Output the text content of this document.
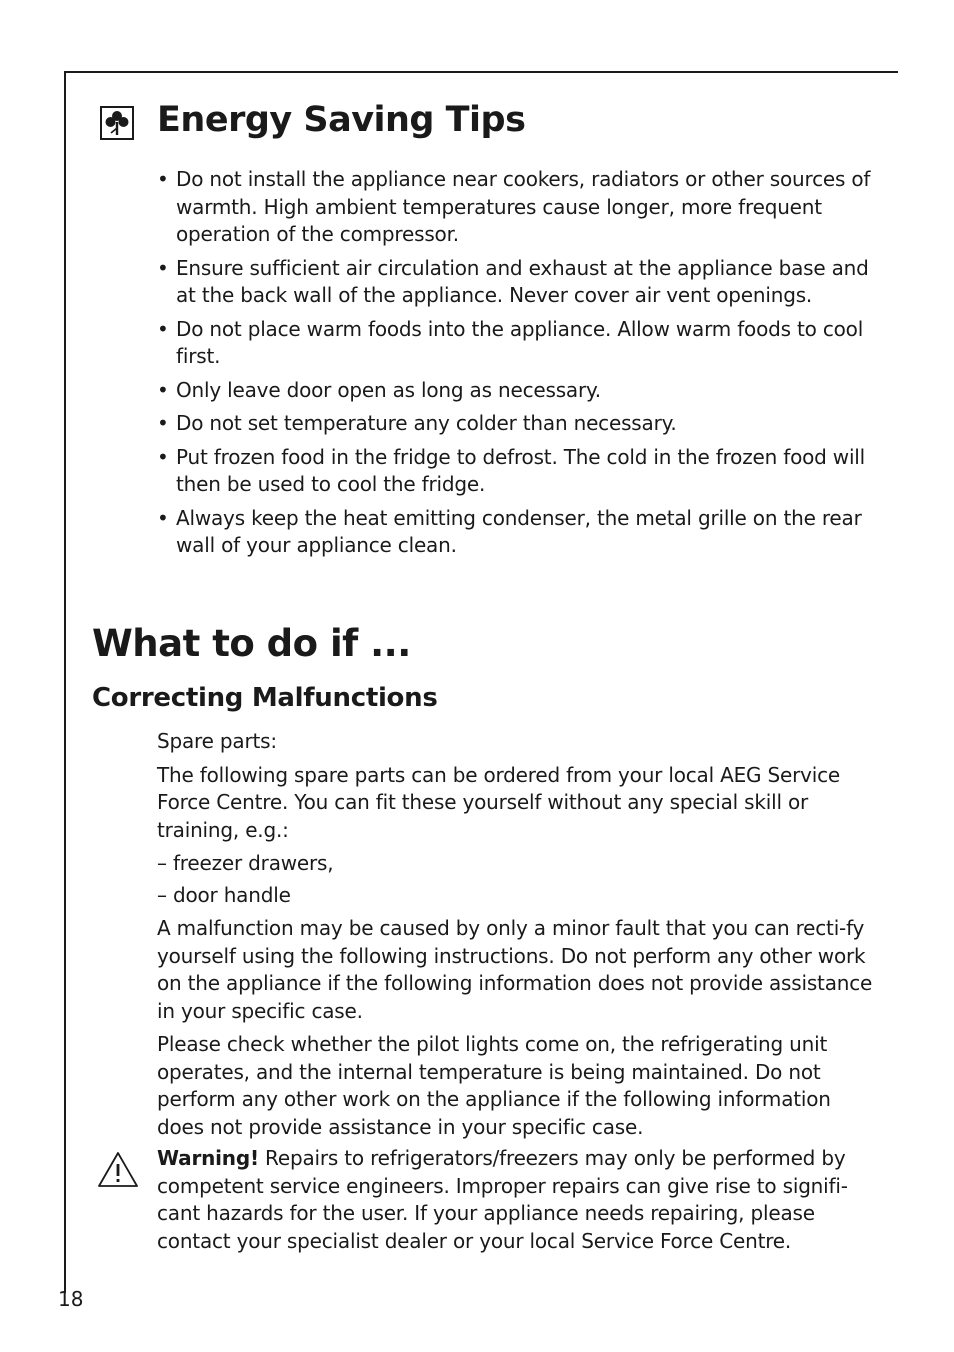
Energy Saving Tips
• Do not install the appliance near cookers, radiators or other sources of warmth. High ambient temperatures cause longer, more frequent operation of the compressor.
• Ensure sufficient air circulation and exhaust at the appliance base and at the back wall of the appliance. Never cover air vent openings.
• Do not place warm foods into the appliance. Allow warm foods to cool first.
• Only leave door open as long as necessary.
• Do not set temperature any colder than necessary.
• Put frozen food in the fridge to defrost. The cold in the frozen food will then be used to cool the fridge.
• Always keep the heat emitting condenser, the metal grille on the rear wall of your appliance clean.
What to do if ...
Correcting Malfunctions

Spare parts:

The following spare parts can be ordered from your local AEG Service Force Centre. You can fit these yourself without any special skill or training, e.g.:

– freezer drawers,

– door handle

A malfunction may be caused by only a minor fault that you can recti-fy yourself using the following instructions. Do not perform any other work on the appliance if the following information does not provide assistance in your specific case.

Please check whether the pilot lights come on, the refrigerating unit operates, and the internal temperature is being maintained. Do not perform any other work on the appliance if the following information does not provide assistance in your specific case.

Warning! Repairs to refrigerators/freezers may only be performed by competent service engineers. Improper repairs can give rise to signifi-cant hazards for the user. If your appliance needs repairing, please contact your specialist dealer or your local Service Force Centre.

18
